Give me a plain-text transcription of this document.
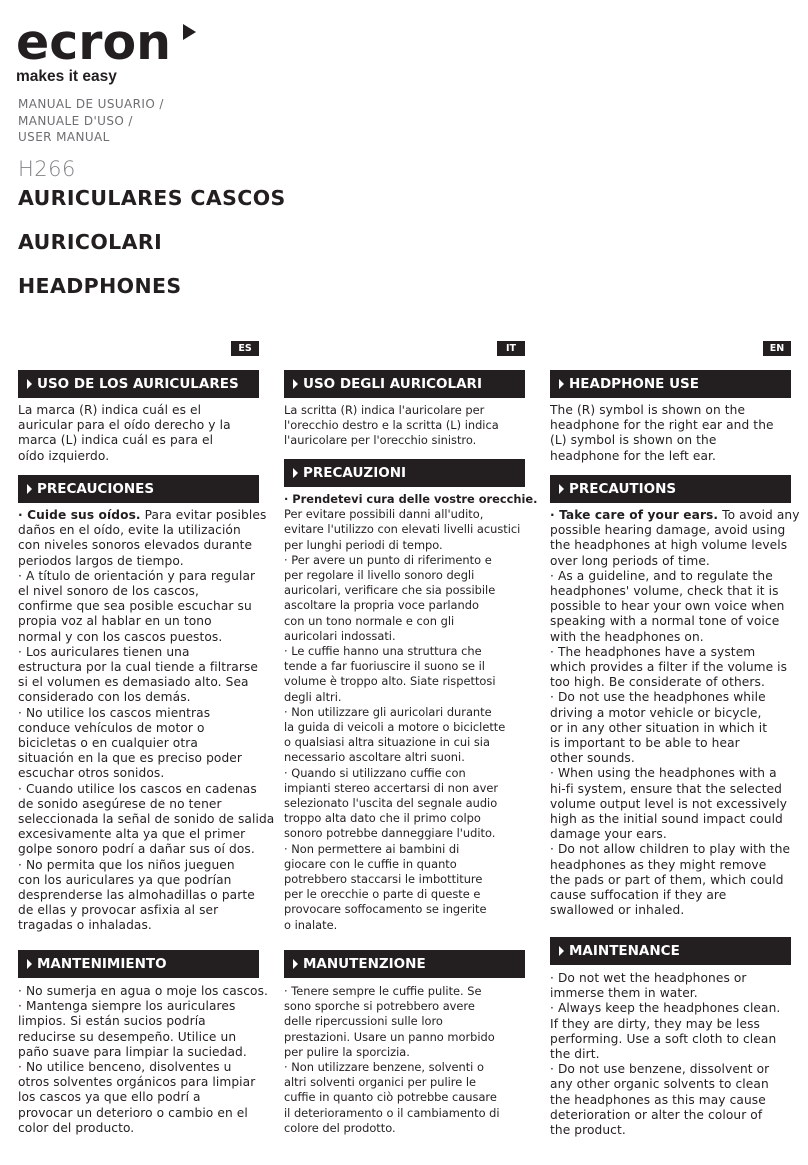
ecron
makes it easy
MANUAL DE USUARIO /
MANUALE D'USO /
USER MANUAL
H266
AURICULARES CASCOS
AURICOLARI
HEADPHONES
ES
USO DE LOS AURICULARES
La marca (R) indica cuál es el
auricular para el oído derecho y la
marca (L) indica cuál es para el
oído izquierdo.
PRECAUCIONES
· Cuide sus oídos. Para evitar posibles
daños en el oído, evite la utilización
con niveles sonoros elevados durante
periodos largos de tiempo.
· A título de orientación y para regular
el nivel sonoro de los cascos,
confirme que sea posible escuchar su
propia voz al hablar en un tono
normal y con los cascos puestos.
· Los auriculares tienen una
estructura por la cual tiende a filtrarse
si el volumen es demasiado alto. Sea
considerado con los demás.
· No utilice los cascos mientras
conduce vehículos de motor o
bicicletas o en cualquier otra
situación en la que es preciso poder
escuchar otros sonidos.
· Cuando utilice los cascos en cadenas
de sonido asegúrese de no tener
seleccionada la señal de sonido de salida
excesivamente alta ya que el primer
golpe sonoro podrí a dañar sus oí dos.
· No permita que los niños jueguen
con los auriculares ya que podrían
desprenderse las almohadillas o parte
de ellas y provocar asfixia al ser
tragadas o inhaladas.
MANTENIMIENTO
· No sumerja en agua o moje los cascos.
· Mantenga siempre los auriculares
limpios. Si están sucios podría
reducirse su desempeño. Utilice un
paño suave para limpiar la suciedad.
· No utilice benceno, disolventes u
otros solventes orgánicos para limpiar
los cascos ya que ello podrí a
provocar un deterioro o cambio en el
color del producto.
IT
USO DEGLI AURICOLARI
La scritta (R) indica l'auricolare per
l'orecchio destro e la scritta (L) indica
l'auricolare per l'orecchio sinistro.
PRECAUZIONI
· Prendetevi cura delle vostre orecchie.
Per evitare possibili danni all'udito,
evitare l'utilizzo con elevati livelli acustici
per lunghi periodi di tempo.
· Per avere un punto di riferimento e
per regolare il livello sonoro degli
auricolari, verificare che sia possibile
ascoltare la propria voce parlando
con un tono normale e con gli
auricolari indossati.
· Le cuffie hanno una struttura che
tende a far fuoriuscire il suono se il
volume è troppo alto. Siate rispettosi
degli altri.
· Non utilizzare gli auricolari durante
la guida di veicoli a motore o biciclette
o qualsiasi altra situazione in cui sia
necessario ascoltare altri suoni.
· Quando si utilizzano cuffie con
impianti stereo accertarsi di non aver
selezionato l'uscita del segnale audio
troppo alta dato che il primo colpo
sonoro potrebbe danneggiare l'udito.
· Non permettere ai bambini di
giocare con le cuffie in quanto
potrebbero staccarsi le imbottiture
per le orecchie o parte di queste e
provocare soffocamento se ingerite
o inalate.
MANUTENZIONE
· Tenere sempre le cuffie pulite. Se
sono sporche si potrebbero avere
delle ripercussioni sulle loro
prestazioni. Usare un panno morbido
per pulire la sporcizia.
· Non utilizzare benzene, solventi o
altri solventi organici per pulire le
cuffie in quanto ciò potrebbe causare
il deterioramento o il cambiamento di
colore del prodotto.
EN
HEADPHONE USE
The (R) symbol is shown on the
headphone for the right ear and the
(L) symbol is shown on the
headphone for the left ear.
PRECAUTIONS
· Take care of your ears. To avoid any
possible hearing damage, avoid using
the headphones at high volume levels
over long periods of time.
· As a guideline, and to regulate the
headphones' volume, check that it is
possible to hear your own voice when
speaking with a normal tone of voice
with the headphones on.
· The headphones have a system
which provides a filter if the volume is
too high. Be considerate of others.
· Do not use the headphones while
driving a motor vehicle or bicycle,
or in any other situation in which it
is important to be able to hear
other sounds.
· When using the headphones with a
hi-fi system, ensure that the selected
volume output level is not excessively
high as the initial sound impact could
damage your ears.
· Do not allow children to play with the
headphones as they might remove
the pads or part of them, which could
cause suffocation if they are
swallowed or inhaled.
MAINTENANCE
· Do not wet the headphones or
immerse them in water.
· Always keep the headphones clean.
If they are dirty, they may be less
performing. Use a soft cloth to clean
the dirt.
· Do not use benzene, dissolvent or
any other organic solvents to clean
the headphones as this may cause
deterioration or alter the colour of
the product.
